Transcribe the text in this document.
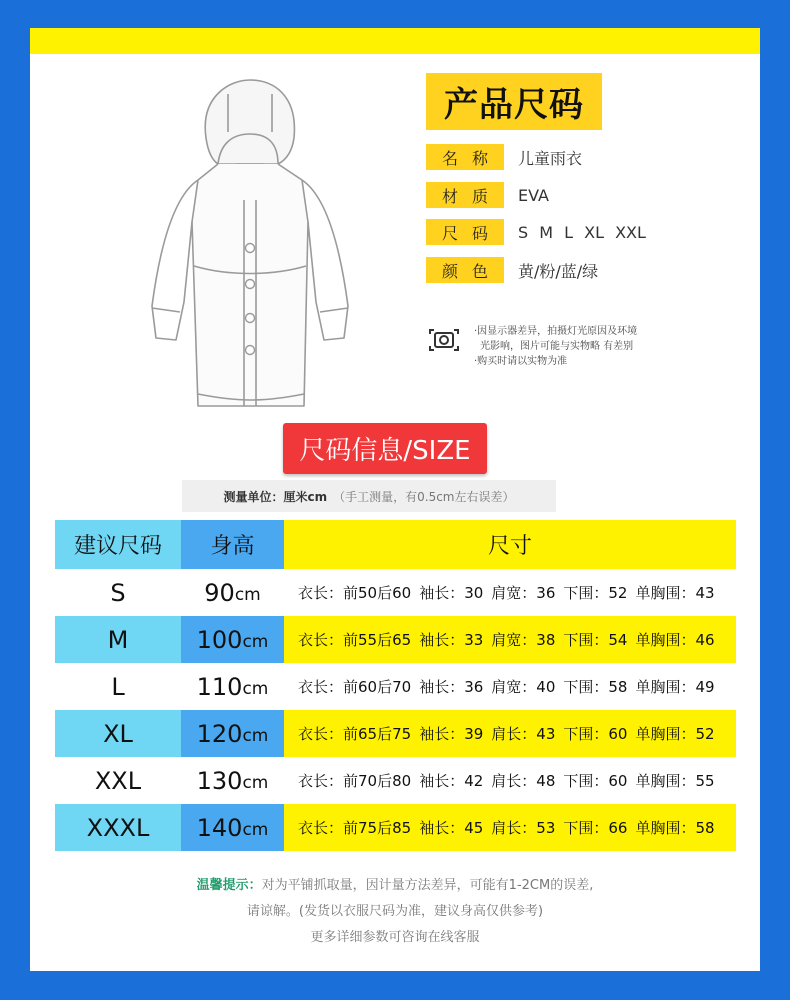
产品尺码
名称 儿童雨衣
材质 EVA
尺码 S M L XL XXL
颜色 黄/粉/蓝/绿
·因显示器差异，拍摄灯光原因及环境
光影响，图片可能与实物略 有差别
·购买时请以实物为准
尺码信息/SIZE
测量单位：厘米cm （手工测量，有0.5cm左右误差）
建议尺码	身高	尺寸
S	90 cm 衣长：前50后60 袖长：30 肩宽：36 下围：52 单胸围：43
M	100 cm 衣长：前55后65 袖长：33 肩宽：38 下围：54 单胸围：46
L	110 cm 衣长：前60后70 袖长：36 肩宽：40 下围：58 单胸围：49
XL	120 cm 衣长：前65后75 袖长：39 肩长：43 下围：60 单胸围：52
XXL	130 cm 衣长：前70后80 袖长：42 肩长：48 下围：60 单胸围：55
XXXL	140 cm 衣长：前75后85 袖长：45 肩长：53 下围：66 单胸围：58
温馨提示：对为平铺抓取量，因计量方法差异，可能有1-2CM的误差,
请谅解。(发货以衣服尺码为准，建议身高仅供参考)
更多详细参数可咨询在线客服
